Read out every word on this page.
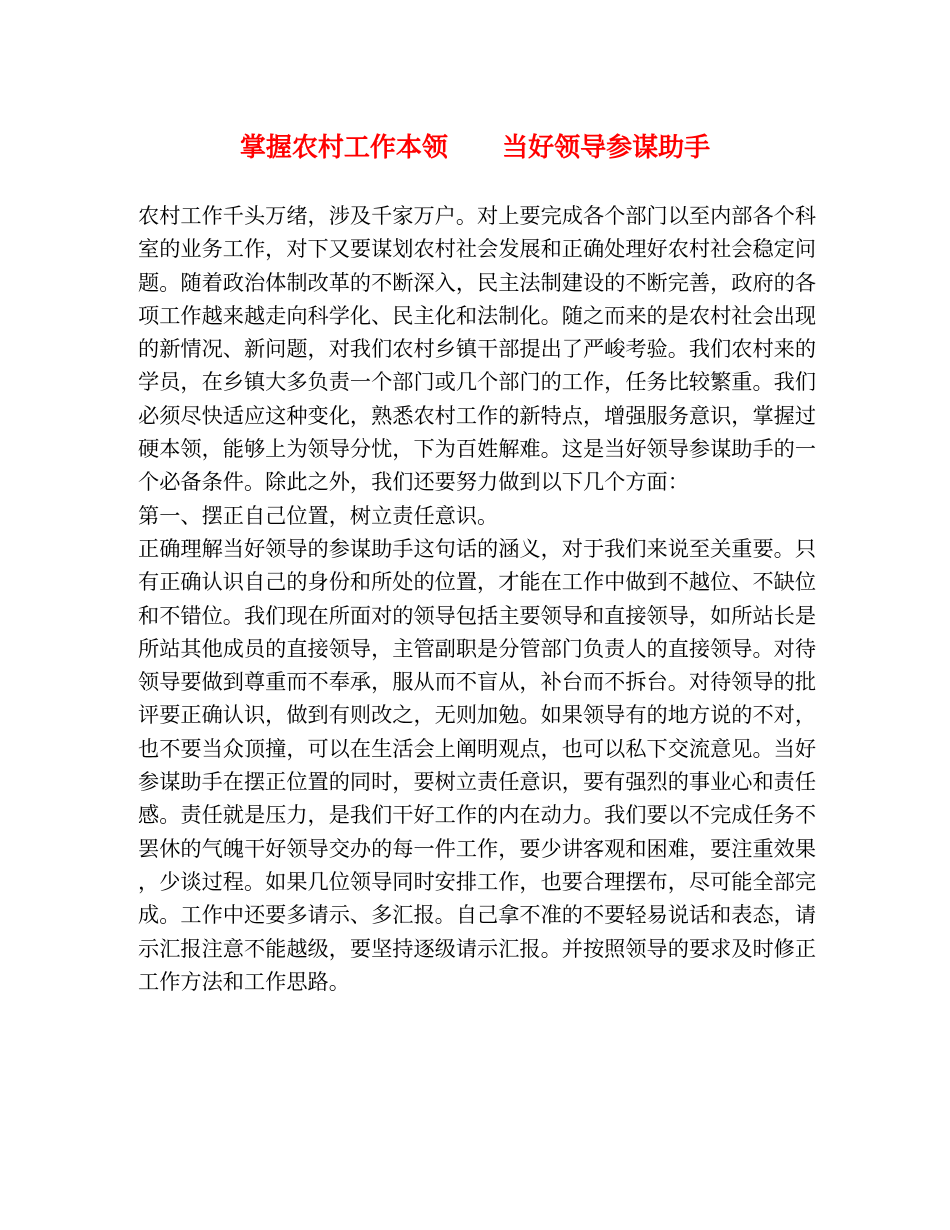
掌握农村工作本领      当好领导参谋助手

农村工作千头万绪，涉及千家万户。对上要完成各个部门以至内部各个科室的业务工作，对下又要谋划农村社会发展和正确处理好农村社会稳定问题。随着政治体制改革的不断深入，民主法制建设的不断完善，政府的各项工作越来越走向科学化、民主化和法制化。随之而来的是农村社会出现的新情况、新问题，对我们农村乡镇干部提出了严峻考验。我们农村来的学员，在乡镇大多负责一个部门或几个部门的工作，任务比较繁重。我们必须尽快适应这种变化，熟悉农村工作的新特点，增强服务意识，掌握过硬本领，能够上为领导分忧，下为百姓解难。这是当好领导参谋助手的一个必备条件。除此之外，我们还要努力做到以下几个方面：

第一、摆正自己位置，树立责任意识。

正确理解当好领导的参谋助手这句话的涵义，对于我们来说至关重要。只有正确认识自己的身份和所处的位置，才能在工作中做到不越位、不缺位和不错位。我们现在所面对的领导包括主要领导和直接领导，如所站长是所站其他成员的直接领导，主管副职是分管部门负责人的直接领导。对待领导要做到尊重而不奉承，服从而不盲从，补台而不拆台。对待领导的批评要正确认识，做到有则改之，无则加勉。如果领导有的地方说的不对，也不要当众顶撞，可以在生活会上阐明观点，也可以私下交流意见。当好参谋助手在摆正位置的同时，要树立责任意识，要有强烈的事业心和责任感。责任就是压力，是我们干好工作的内在动力。我们要以不完成任务不罢休的气魄干好领导交办的每一件工作，要少讲客观和困难，要注重效果，少谈过程。如果几位领导同时安排工作，也要合理摆布，尽可能全部完成。工作中还要多请示、多汇报。自己拿不准的不要轻易说话和表态，请示汇报注意不能越级，要坚持逐级请示汇报。并按照领导的要求及时修正工作方法和工作思路。
